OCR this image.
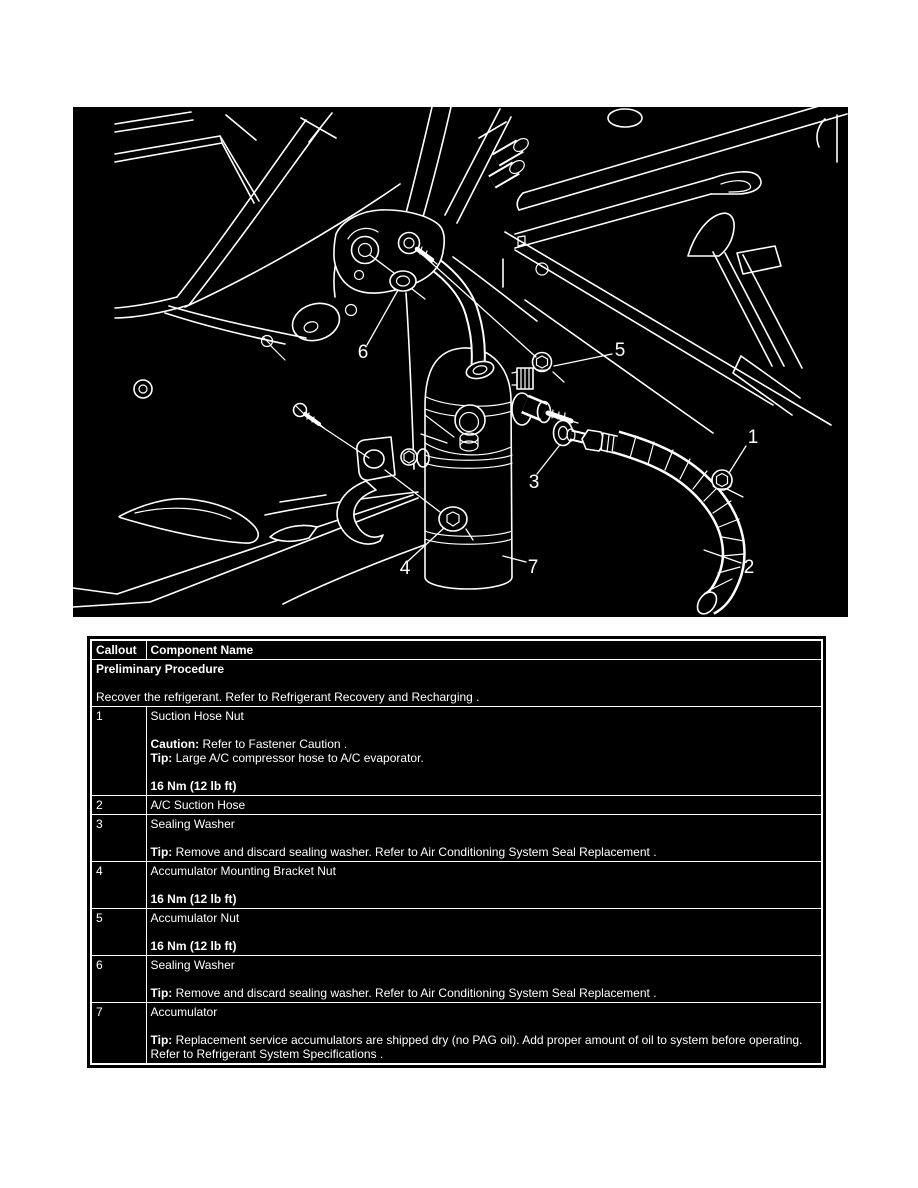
1
2
3
4
5
6
7
Callout	Component Name

Preliminary Procedure
Recover the refrigerant. Refer to Refrigerant Recovery and Recharging .	

1	Suction Hose Nut
Caution: Refer to Fastener Caution .
Tip: Large A/C compressor hose to A/C evaporator.
16 Nm (12 lb ft)

2	A/C Suction Hose

3	Sealing Washer
Tip: Remove and discard sealing washer. Refer to Air Conditioning System Seal Replacement .

4	Accumulator Mounting Bracket Nut
16 Nm (12 lb ft)

5	Accumulator Nut
16 Nm (12 lb ft)

6	Sealing Washer
Tip: Remove and discard sealing washer. Refer to Air Conditioning System Seal Replacement .

7	Accumulator
Tip: Replacement service accumulators are shipped dry (no PAG oil). Add proper amount of oil to system before operating. Refer to Refrigerant System Specifications .
